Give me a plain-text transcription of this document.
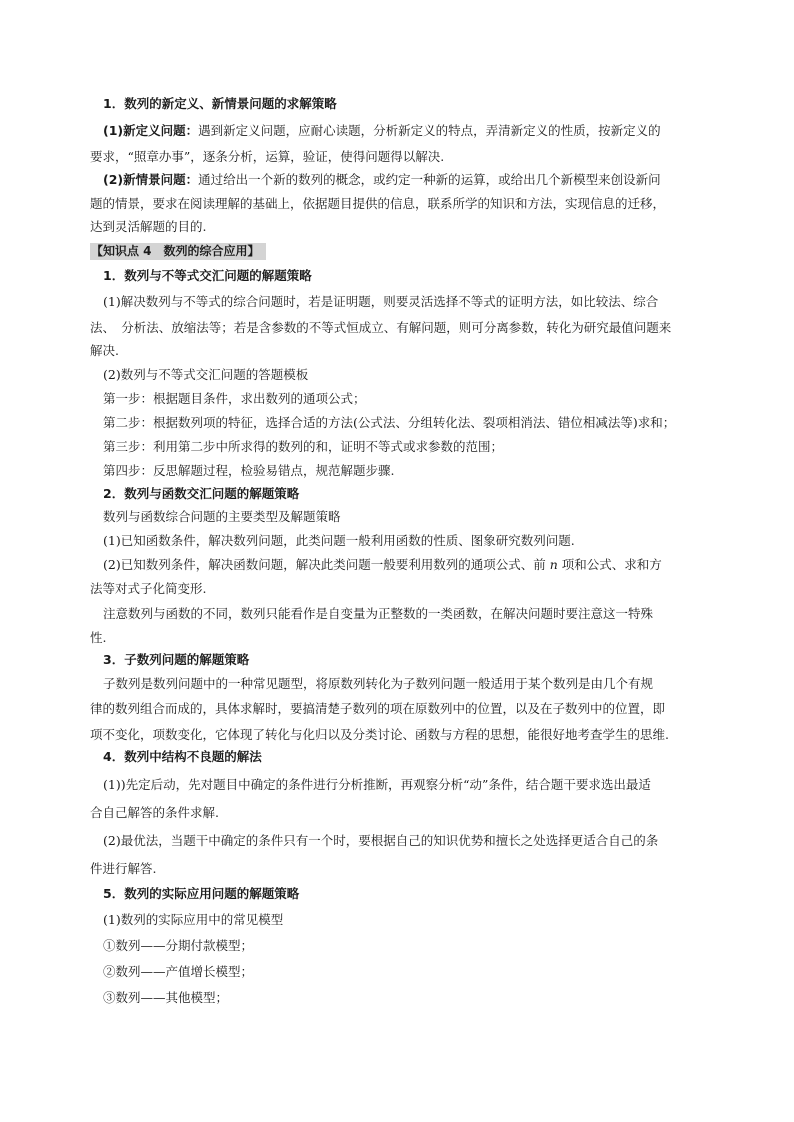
1．数列的新定义、新情景问题的求解策略
(1)新定义问题：遇到新定义问题，应耐心读题，分析新定义的特点，弄清新定义的性质，按新定义的
要求，“照章办事”，逐条分析，运算，验证，使得问题得以解决.
(2)新情景问题：通过给出一个新的数列的概念，或约定一种新的运算，或给出几个新模型来创设新问
题的情景，要求在阅读理解的基础上，依据题目提供的信息，联系所学的知识和方法，实现信息的迁移，
达到灵活解题的目的.
【知识点 4　数列的综合应用】
1．数列与不等式交汇问题的解题策略
(1)解决数列与不等式的综合问题时，若是证明题，则要灵活选择不等式的证明方法，如比较法、综合
法、　分析法、放缩法等；若是含参数的不等式恒成立、有解问题，则可分离参数，转化为研究最值问题来
解决.
(2)数列与不等式交汇问题的答题模板
第一步：根据题目条件，求出数列的通项公式；
第二步：根据数列项的特征，选择合适的方法(公式法、分组转化法、裂项相消法、错位相减法等)求和；
第三步：利用第二步中所求得的数列的和，证明不等式或求参数的范围；
第四步：反思解题过程，检验易错点，规范解题步骤.
2．数列与函数交汇问题的解题策略
数列与函数综合问题的主要类型及解题策略
(1)已知函数条件，解决数列问题，此类问题一般利用函数的性质、图象研究数列问题.
(2)已知数列条件，解决函数问题，解决此类问题一般要利用数列的通项公式、前 n 项和公式、求和方
法等对式子化简变形.
注意数列与函数的不同，数列只能看作是自变量为正整数的一类函数，在解决问题时要注意这一特殊
性.
3．子数列问题的解题策略
子数列是数列问题中的一种常见题型，将原数列转化为子数列问题一般适用于某个数列是由几个有规
律的数列组合而成的，具体求解时，要搞清楚子数列的项在原数列中的位置，以及在子数列中的位置，即
项不变化，项数变化，它体现了转化与化归以及分类讨论、函数与方程的思想，能很好地考查学生的思维.
4．数列中结构不良题的解法
(1))先定后动，先对题目中确定的条件进行分析推断，再观察分析“动”条件，结合题干要求选出最适
合自己解答的条件求解.
(2)最优法，当题干中确定的条件只有一个时，要根据自己的知识优势和擅长之处选择更适合自己的条
件进行解答.
5．数列的实际应用问题的解题策略
(1)数列的实际应用中的常见模型
①数列——分期付款模型；
②数列——产值增长模型；
③数列——其他模型；
